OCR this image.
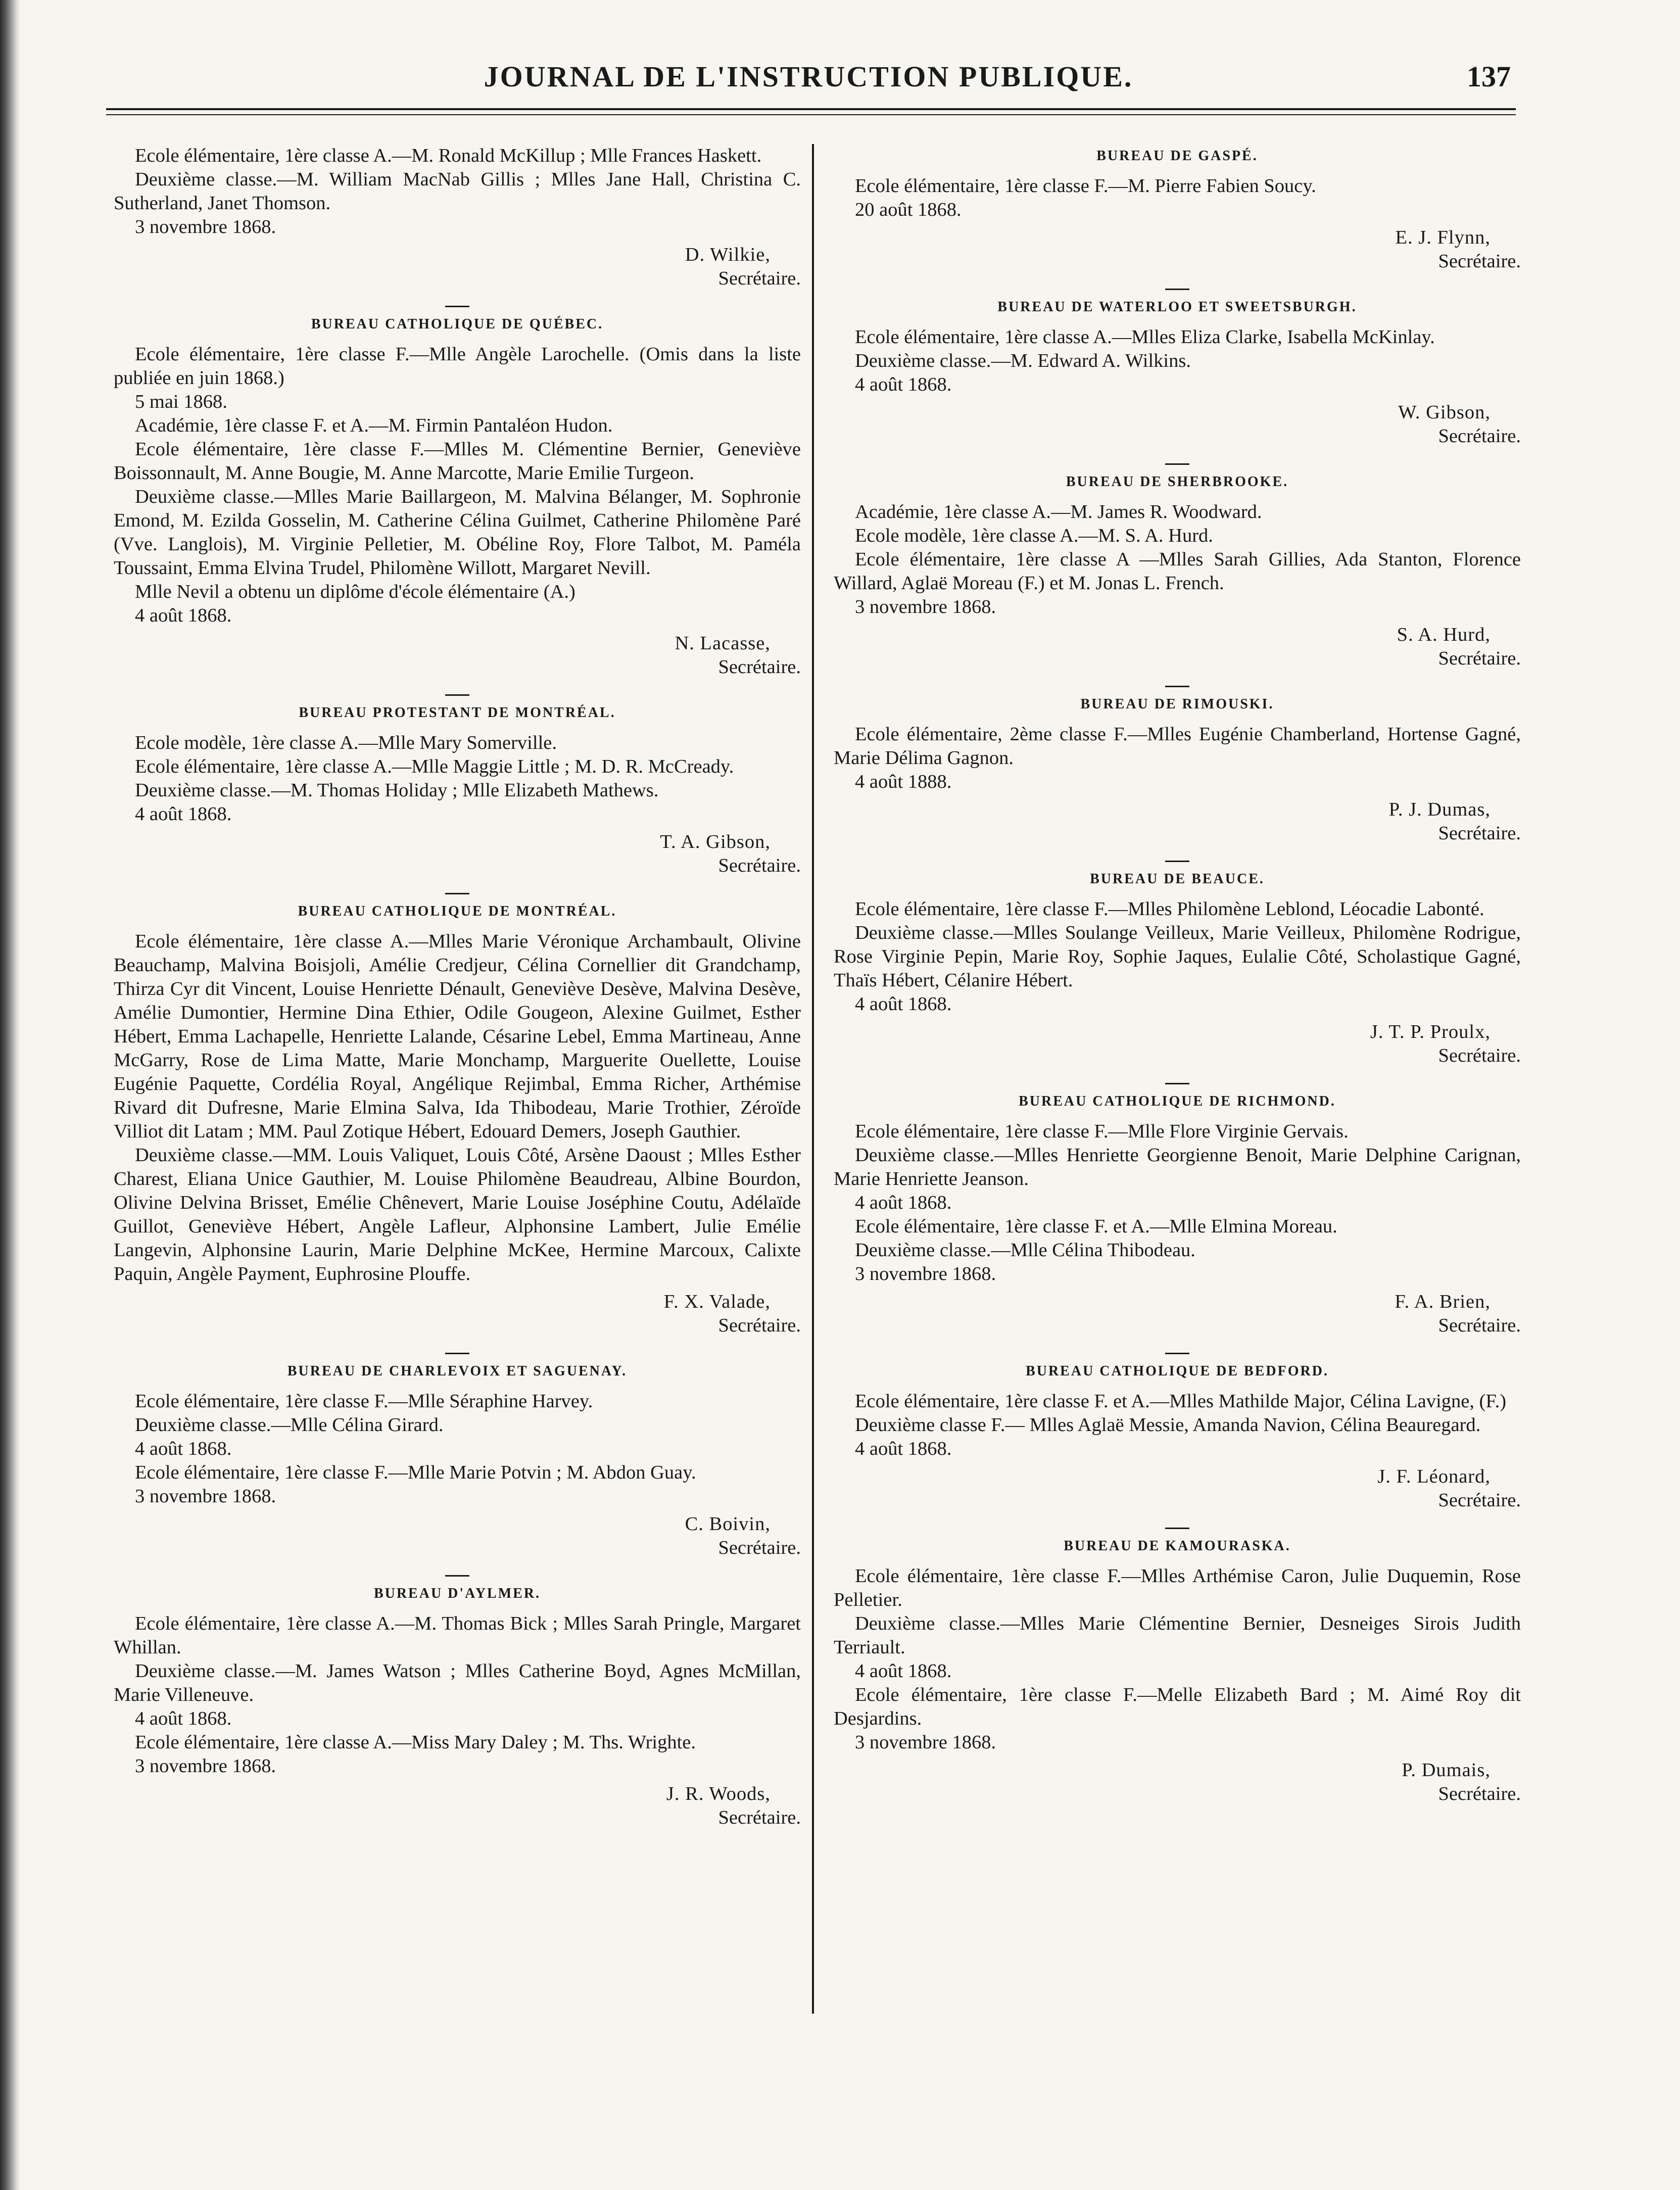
JOURNAL DE L'INSTRUCTION PUBLIQUE.	137

Ecole élémentaire, 1ère classe A.—M. Ronald McKillup ; Mlle Frances Haskett.

Deuxième classe.—M. William MacNab Gillis ; Mlles Jane Hall, Christina C. Sutherland, Janet Thomson.

3 novembre 1868.

D. Wilkie,
Secrétaire.
BUREAU CATHOLIQUE DE QUÉBEC.

Ecole élémentaire, 1ère classe F.—Mlle Angèle Larochelle. (Omis dans la liste publiée en juin 1868.)

5 mai 1868.

Académie, 1ère classe F. et A.—M. Firmin Pantaléon Hudon.

Ecole élémentaire, 1ère classe F.—Mlles M. Clémentine Bernier, Geneviève Boissonnault, M. Anne Bougie, M. Anne Marcotte, Marie Emilie Turgeon.

Deuxième classe.—Mlles Marie Baillargeon, M. Malvina Bélanger, M. Sophronie Emond, M. Ezilda Gosselin, M. Catherine Célina Guilmet, Catherine Philomène Paré (Vve. Langlois), M. Virginie Pelletier, M. Obéline Roy, Flore Talbot, M. Paméla Toussaint, Emma Elvina Trudel, Philomène Willott, Margaret Nevill.

Mlle Nevil a obtenu un diplôme d'école élémentaire (A.)

4 août 1868.

N. Lacasse,
Secrétaire.
BUREAU PROTESTANT DE MONTRÉAL.

Ecole modèle, 1ère classe A.—Mlle Mary Somerville.

Ecole élémentaire, 1ère classe A.—Mlle Maggie Little ; M. D. R. McCready.

Deuxième classe.—M. Thomas Holiday ; Mlle Elizabeth Mathews.

4 août 1868.

T. A. Gibson,
Secrétaire.
BUREAU CATHOLIQUE DE MONTRÉAL.

Ecole élémentaire, 1ère classe A.—Mlles Marie Véronique Archambault, Olivine Beauchamp, Malvina Boisjoli, Amélie Credjeur, Célina Cornellier dit Grandchamp, Thirza Cyr dit Vincent, Louise Henriette Dénault, Geneviève Desève, Malvina Desève, Amélie Dumontier, Hermine Dina Ethier, Odile Gougeon, Alexine Guilmet, Esther Hébert, Emma Lachapelle, Henriette Lalande, Césarine Lebel, Emma Martineau, Anne McGarry, Rose de Lima Matte, Marie Monchamp, Marguerite Ouellette, Louise Eugénie Paquette, Cordélia Royal, Angélique Rejimbal, Emma Richer, Arthémise Rivard dit Dufresne, Marie Elmina Salva, Ida Thibodeau, Marie Trothier, Zéroïde Villiot dit Latam ; MM. Paul Zotique Hébert, Edouard Demers, Joseph Gauthier.

Deuxième classe.—MM. Louis Valiquet, Louis Côté, Arsène Daoust ; Mlles Esther Charest, Eliana Unice Gauthier, M. Louise Philomène Beaudreau, Albine Bourdon, Olivine Delvina Brisset, Emélie Chênevert, Marie Louise Joséphine Coutu, Adélaïde Guillot, Geneviève Hébert, Angèle Lafleur, Alphonsine Lambert, Julie Emélie Langevin, Alphonsine Laurin, Marie Delphine McKee, Hermine Marcoux, Calixte Paquin, Angèle Payment, Euphrosine Plouffe.

F. X. Valade,
Secrétaire.
BUREAU DE CHARLEVOIX ET SAGUENAY.

Ecole élémentaire, 1ère classe F.—Mlle Séraphine Harvey.

Deuxième classe.—Mlle Célina Girard.

4 août 1868.

Ecole élémentaire, 1ère classe F.—Mlle Marie Potvin ; M. Abdon Guay.

3 novembre 1868.

C. Boivin,
Secrétaire.
BUREAU D'AYLMER.

Ecole élémentaire, 1ère classe A.—M. Thomas Bick ; Mlles Sarah Pringle, Margaret Whillan.

Deuxième classe.—M. James Watson ; Mlles Catherine Boyd, Agnes McMillan, Marie Villeneuve.

4 août 1868.

Ecole élémentaire, 1ère classe A.—Miss Mary Daley ; M. Ths. Wrighte.

3 novembre 1868.

J. R. Woods,
Secrétaire.
BUREAU DE GASPÉ.

Ecole élémentaire, 1ère classe F.—M. Pierre Fabien Soucy.

20 août 1868.

E. J. Flynn,
Secrétaire.
BUREAU DE WATERLOO ET SWEETSBURGH.

Ecole élémentaire, 1ère classe A.—Mlles Eliza Clarke, Isabella McKinlay.

Deuxième classe.—M. Edward A. Wilkins.

4 août 1868.

W. Gibson,
Secrétaire.
BUREAU DE SHERBROOKE.

Académie, 1ère classe A.—M. James R. Woodward.

Ecole modèle, 1ère classe A.—M. S. A. Hurd.

Ecole élémentaire, 1ère classe A —Mlles Sarah Gillies, Ada Stanton, Florence Willard, Aglaë Moreau (F.) et M. Jonas L. French.

3 novembre 1868.

S. A. Hurd,
Secrétaire.
BUREAU DE RIMOUSKI.

Ecole élémentaire, 2ème classe F.—Mlles Eugénie Chamberland, Hortense Gagné, Marie Délima Gagnon.

4 août 1888.

P. J. Dumas,
Secrétaire.
BUREAU DE BEAUCE.

Ecole élémentaire, 1ère classe F.—Mlles Philomène Leblond, Léocadie Labonté.

Deuxième classe.—Mlles Soulange Veilleux, Marie Veilleux, Philomène Rodrigue, Rose Virginie Pepin, Marie Roy, Sophie Jaques, Eulalie Côté, Scholastique Gagné, Thaïs Hébert, Célanire Hébert.

4 août 1868.

J. T. P. Proulx,
Secrétaire.
BUREAU CATHOLIQUE DE RICHMOND.

Ecole élémentaire, 1ère classe F.—Mlle Flore Virginie Gervais.

Deuxième classe.—Mlles Henriette Georgienne Benoit, Marie Delphine Carignan, Marie Henriette Jeanson.

4 août 1868.

Ecole élémentaire, 1ère classe F. et A.—Mlle Elmina Moreau.

Deuxième classe.—Mlle Célina Thibodeau.

3 novembre 1868.

F. A. Brien,
Secrétaire.
BUREAU CATHOLIQUE DE BEDFORD.

Ecole élémentaire, 1ère classe F. et A.—Mlles Mathilde Major, Célina Lavigne, (F.)

Deuxième classe F.— Mlles Aglaë Messie, Amanda Navion, Célina Beauregard.

4 août 1868.

J. F. Léonard,
Secrétaire.
BUREAU DE KAMOURASKA.

Ecole élémentaire, 1ère classe F.—Mlles Arthémise Caron, Julie Duquemin, Rose Pelletier.

Deuxième classe.—Mlles Marie Clémentine Bernier, Desneiges Sirois Judith Terriault.

4 août 1868.

Ecole élémentaire, 1ère classe F.—Melle Elizabeth Bard ; M. Aimé Roy dit Desjardins.

3 novembre 1868.

P. Dumais,
Secrétaire.
